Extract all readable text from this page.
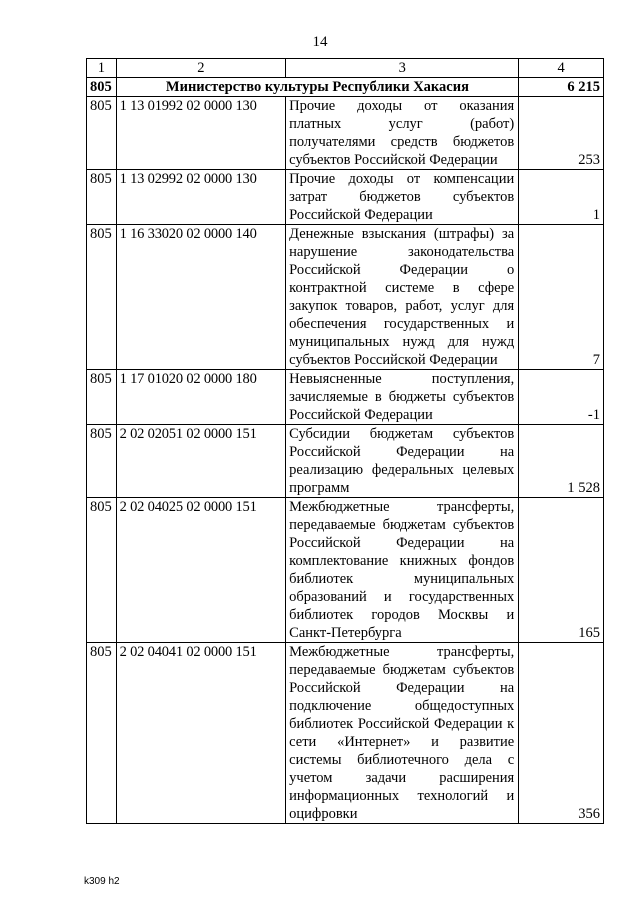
14
1	2	3	4
805	Министерство культуры Республики Хакасия		6 215
805	1 13 01992 02 0000 130	Прочие доходы от оказания платных услуг (работ) получателями средств бюджетов субъектов Российской Федерации	253
805	1 13 02992 02 0000 130	Прочие доходы от компенсации затрат бюджетов субъектов Российской Федерации	1
805	1 16 33020 02 0000 140	Денежные взыскания (штрафы) за нарушение законодательства Российской Федерации о контрактной системе в сфере закупок товаров, работ, услуг для обеспечения государственных и муниципальных нужд для нужд субъектов Российской Федерации	7
805	1 17 01020 02 0000 180	Невыясненные поступления, зачисляемые в бюджеты субъектов Российской Федерации	-1
805	2 02 02051 02 0000 151	Субсидии бюджетам субъектов Российской Федерации на реализацию федеральных целевых программ	1 528
805	2 02 04025 02 0000 151	Межбюджетные трансферты, передаваемые бюджетам субъектов Российской Федерации на комплектование книжных фондов библиотек муниципальных образований и государственных библиотек городов Москвы и Санкт-Петербурга	165
805	2 02 04041 02 0000 151	Межбюджетные трансферты, передаваемые бюджетам субъектов Российской Федерации на подключение общедоступных библиотек Российской Федерации к сети «Интернет» и развитие системы библиотечного дела с учетом задачи расширения информационных технологий и оцифровки	356
k309 h2
